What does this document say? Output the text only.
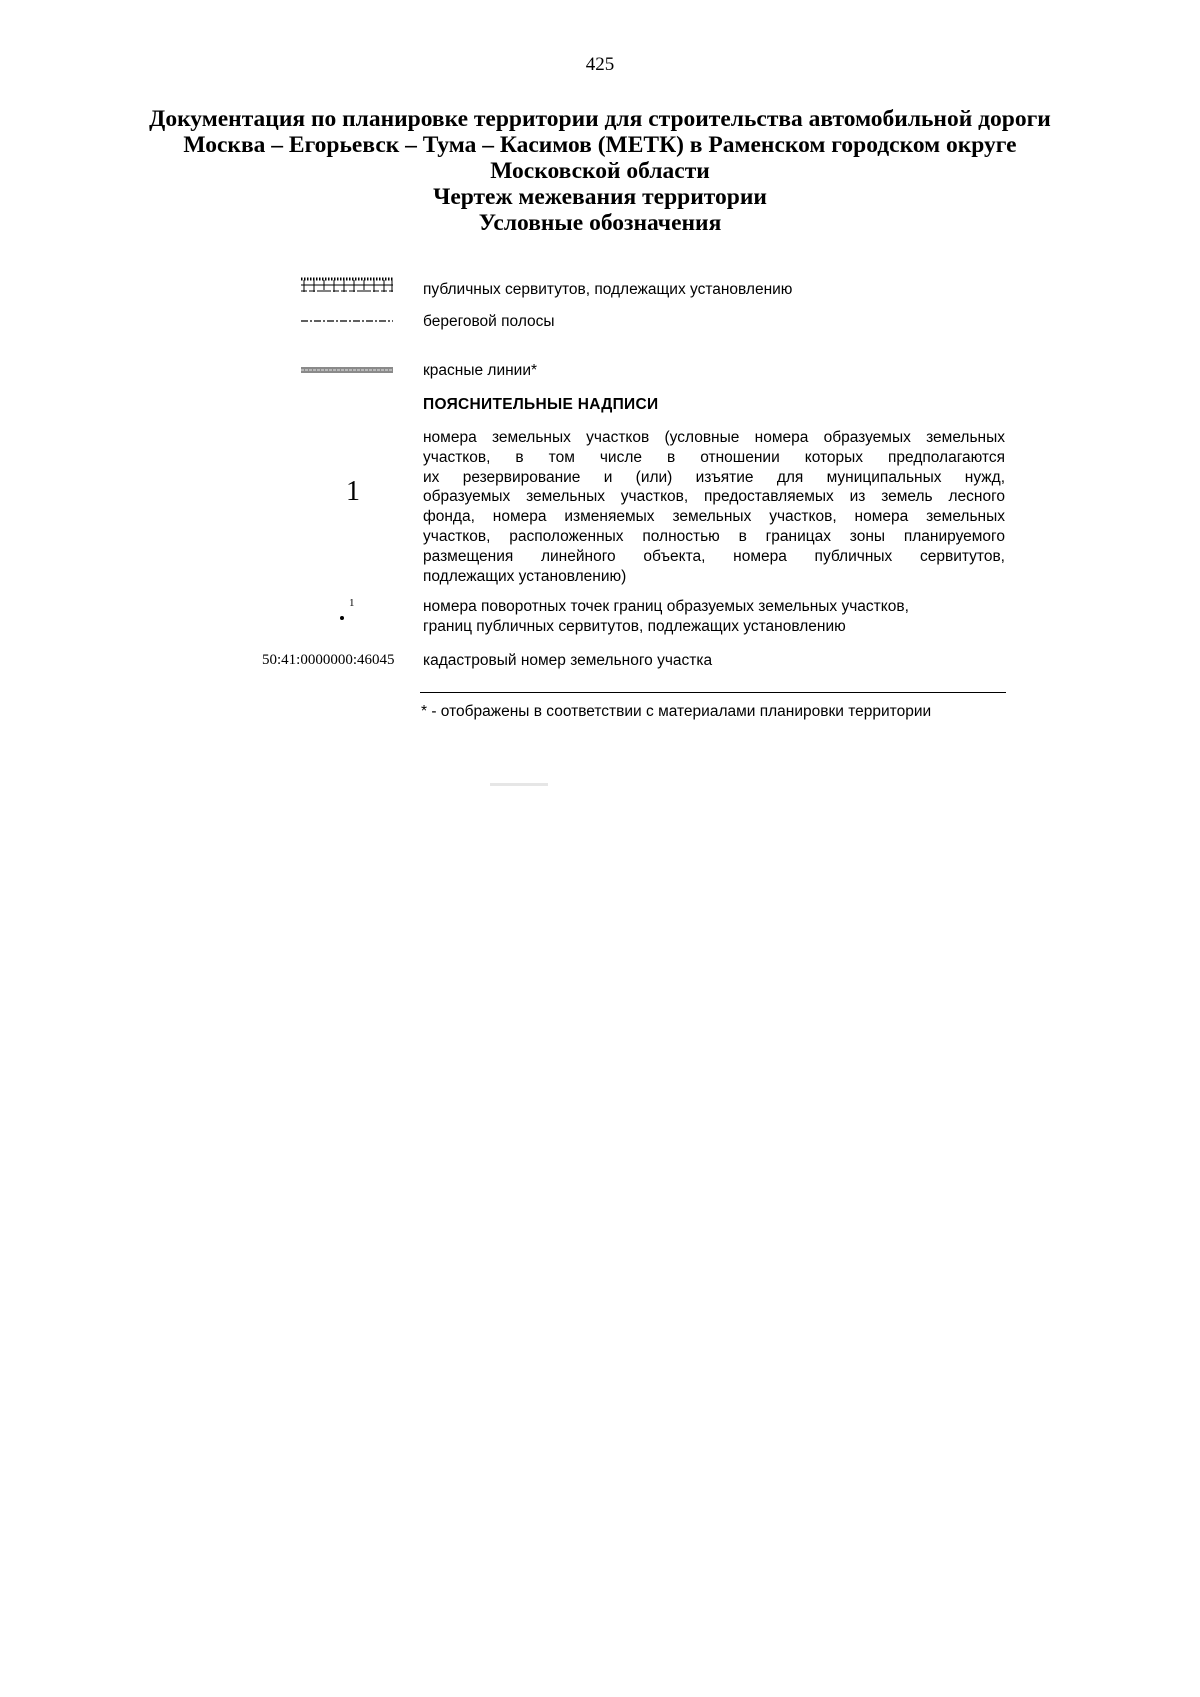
425
Документация по планировке территории для строительства автомобильной дороги
Москва – Егорьевск – Тума – Касимов (МЕТК) в Раменском городском округе
Московской области
Чертеж межевания территории
Условные обозначения
публичных сервитутов, подлежащих установлению
береговой полосы
красные линии*
ПОЯСНИТЕЛЬНЫЕ НАДПИСИ
1
номера земельных участков (условные номера образуемых земельных
участков, в том числе в отношении которых предполагаются
их резервирование и (или) изъятие для муниципальных нужд,
образуемых земельных участков, предоставляемых из земель лесного
фонда, номера изменяемых земельных участков, номера земельных
участков, расположенных полностью в границах зоны планируемого
размещения линейного объекта, номера публичных сервитутов,
подлежащих установлению)
1	номера поворотных точек границ образуемых земельных участков,
границ публичных сервитутов, подлежащих установлению
50:41:0000000:46045 кадастровый номер земельного участка
* - отображены в соответствии с материалами планировки территории
